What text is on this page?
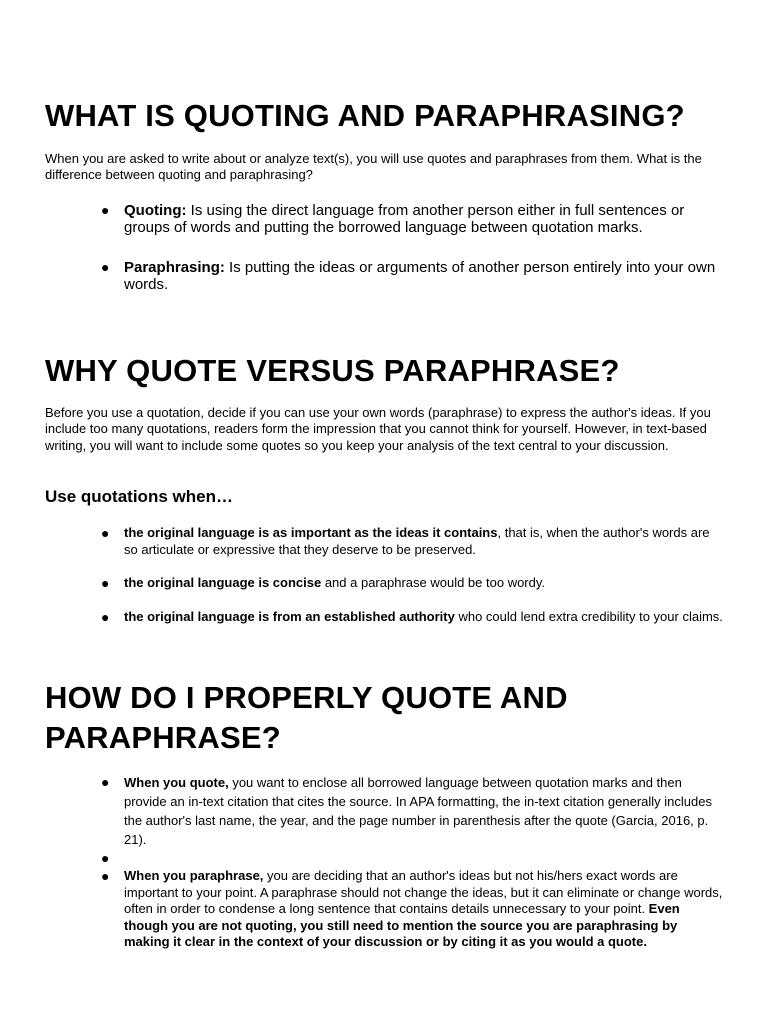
WHAT IS QUOTING AND PARAPHRASING?

When you are asked to write about or analyze text(s), you will use quotes and paraphrases from them. What is the difference between quoting and paraphrasing?

● Quoting: Is using the direct language from another person either in full sentences or groups of words and putting the borrowed language between quotation marks.
● Paraphrasing: Is putting the ideas or arguments of another person entirely into your own words.
WHY QUOTE VERSUS PARAPHRASE?

Before you use a quotation, decide if you can use your own words (paraphrase) to express the author's ideas. If you include too many quotations, readers form the impression that you cannot think for yourself. However, in text-based writing, you will want to include some quotes so you keep your analysis of the text central to your discussion.

Use quotations when…
● the original language is as important as the ideas it contains, that is, when the author's words are so articulate or expressive that they deserve to be preserved.
● the original language is concise and a paraphrase would be too wordy.
● the original language is from an established authority who could lend extra credibility to your claims.
HOW DO I PROPERLY QUOTE AND
PARAPHRASE?
● When you quote, you want to enclose all borrowed language between quotation marks and then provide an in-text citation that cites the source. In APA formatting, the in-text citation generally includes the author's last name, the year, and the page number in parenthesis after the quote (Garcia, 2016, p. 21).
●
● When you paraphrase, you are deciding that an author's ideas but not his/hers exact words are important to your point. A paraphrase should not change the ideas, but it can eliminate or change words, often in order to condense a long sentence that contains details unnecessary to your point. Even though you are not quoting, you still need to mention the source you are paraphrasing by making it clear in the context of your discussion or by citing it as you would a quote.
